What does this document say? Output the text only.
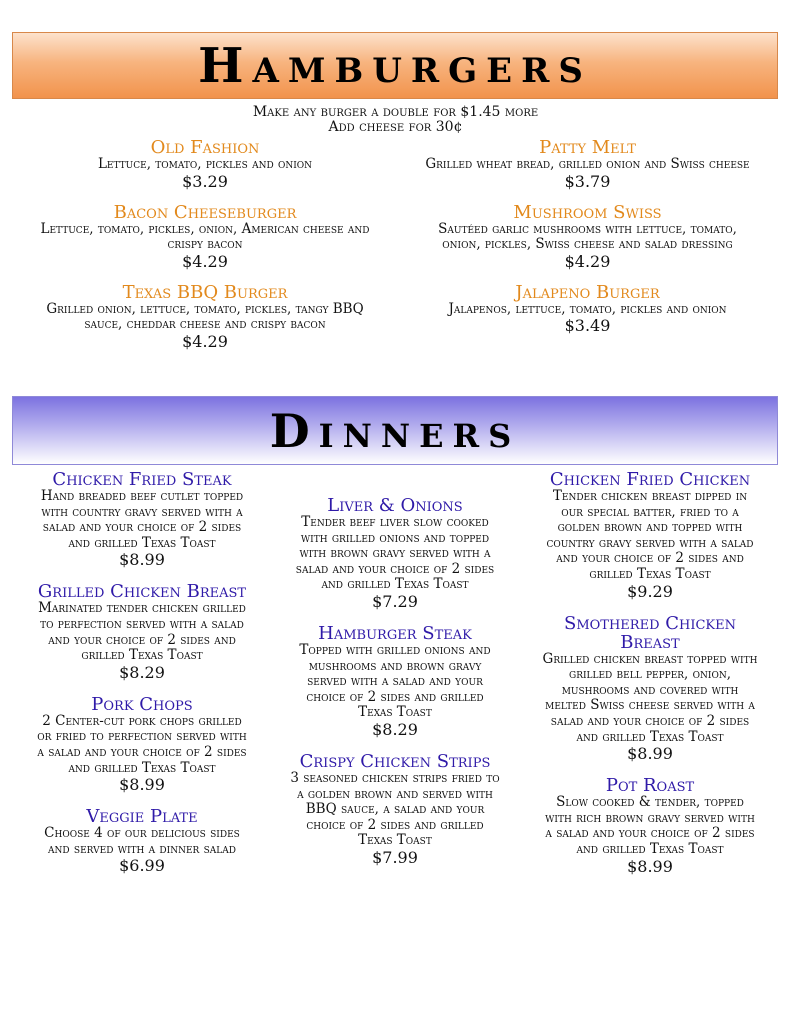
Hamburgers
Make any burger a double for $1.45 more
Add cheese for 30¢
Old Fashion
Lettuce, tomato, pickles and onion
$3.29
Bacon Cheeseburger
Lettuce, tomato, pickles, onion, American cheese and crispy bacon
$4.29
Texas BBQ Burger
Grilled onion, lettuce, tomato, pickles, tangy BBQ sauce, cheddar cheese and crispy bacon
$4.29
Patty Melt
Grilled wheat bread, grilled onion and Swiss cheese
$3.79
Mushroom Swiss
Sautéed garlic mushrooms with lettuce, tomato, onion, pickles, Swiss cheese and salad dressing
$4.29
Jalapeno Burger
Jalapenos, lettuce, tomato, pickles and onion
$3.49
Dinners
Chicken Fried Steak
Hand breaded beef cutlet topped with country gravy served with a salad and your choice of 2 sides and grilled Texas Toast
$8.99
Grilled Chicken Breast
Marinated tender chicken grilled to perfection served with a salad and your choice of 2 sides and grilled Texas Toast
$8.29
Pork Chops
2 Center-cut pork chops grilled or fried to perfection served with a salad and your choice of 2 sides and grilled Texas Toast
$8.99
Veggie Plate
Choose 4 of our delicious sides and served with a dinner salad
$6.99
Liver & Onions
Tender beef liver slow cooked with grilled onions and topped with brown gravy served with a salad and your choice of 2 sides and grilled Texas Toast
$7.29
Hamburger Steak
Topped with grilled onions and mushrooms and brown gravy served with a salad and your choice of 2 sides and grilled Texas Toast
$8.29
Crispy Chicken Strips
3 seasoned chicken strips fried to a golden brown and served with BBQ sauce, a salad and your choice of 2 sides and grilled Texas Toast
$7.99
Chicken Fried Chicken
Tender chicken breast dipped in our special batter, fried to a golden brown and topped with country gravy served with a salad and your choice of 2 sides and grilled Texas Toast
$9.29
Smothered Chicken Breast
Grilled chicken breast topped with grilled bell pepper, onion, mushrooms and covered with melted Swiss cheese served with a salad and your choice of 2 sides and grilled Texas Toast
$8.99
Pot Roast
Slow cooked & tender, topped with rich brown gravy served with a salad and your choice of 2 sides and grilled Texas Toast
$8.99
